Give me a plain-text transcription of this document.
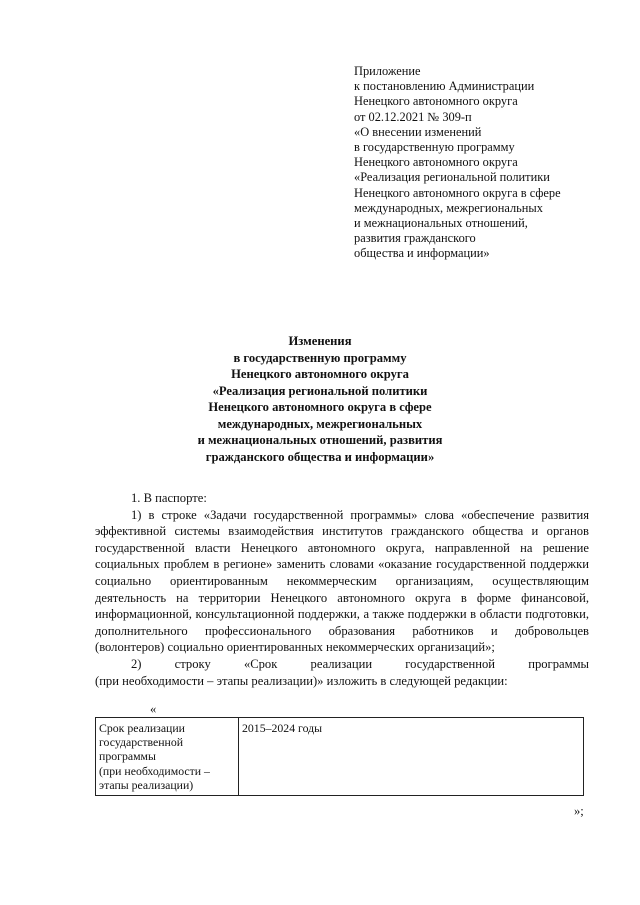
Приложение
к постановлению Администрации
Ненецкого автономного округа
от 02.12.2021 № 309-п
«О внесении изменений
в государственную программу
Ненецкого автономного округа
«Реализация региональной политики
Ненецкого автономного округа в сфере
международных, межрегиональных
и межнациональных отношений,
развития гражданского
общества и информации»
Изменения
в государственную программу
Ненецкого автономного округа
«Реализация региональной политики
Ненецкого автономного округа в сфере
международных, межрегиональных
и межнациональных отношений, развития
гражданского общества и информации»
1. В паспорте:
1) в строке «Задачи государственной программы» слова «обеспечение развития эффективной системы взаимодействия институтов гражданского общества и органов государственной власти Ненецкого автономного округа, направленной на решение социальных проблем в регионе» заменить словами «оказание государственной поддержки социально ориентированным некоммерческим организациям, осуществляющим деятельность на территории Ненецкого автономного округа в форме финансовой, информационной, консультационной поддержки, а также поддержки в области подготовки, дополнительного профессионального образования работников и добровольцев (волонтеров) социально ориентированных некоммерческих организаций»;
2) строку «Срок реализации государственной программы
(при необходимости – этапы реализации)» изложить в следующей редакции:
«
Срок реализации
государственной
программы
(при необходимости –
этапы реализации)
	2015–2024 годы
»;
